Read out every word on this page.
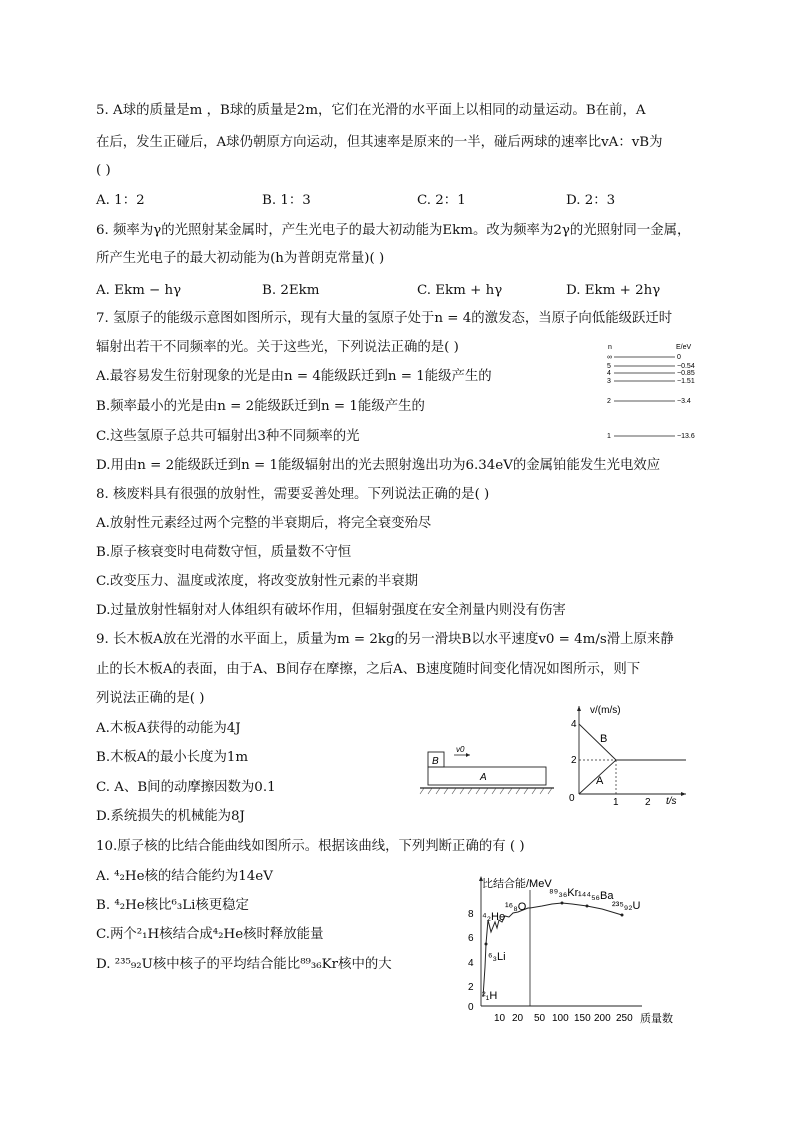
5. A球的质量是m ，B球的质量是2m，它们在光滑的水平面上以相同的动量运动。B在前，A
在后，发生正碰后，A球仍朝原方向运动，但其速率是原来的一半，碰后两球的速率比vA：vB为
( )
A. 1：2	B. 1：3	C. 2：1	D. 2：3
6. 频率为γ的光照射某金属时，产生光电子的最大初动能为Ekm。改为频率为2γ的光照射同一金属，
所产生光电子的最大初动能为(h为普朗克常量)( )
A. Ekm − hγ	B. 2Ekm	C. Ekm + hγ	D. Ekm + 2hγ
7. 氢原子的能级示意图如图所示，现有大量的氢原子处于n = 4的激发态，当原子向低能级跃迁时
辐射出若干不同频率的光。关于这些光，下列说法正确的是( )
A.最容易发生衍射现象的光是由n = 4能级跃迁到n = 1能级产生的
B.频率最小的光是由n = 2能级跃迁到n = 1能级产生的
C.这些氢原子总共可辐射出3种不同频率的光
D.用由n = 2能级跃迁到n = 1能级辐射出的光去照射逸出功为6.34eV的金属铂能发生光电效应
n	E/eV
∞	0
5	−0.54
4	−0.85
3	−1.51
2	−3.4
1	−13.6
8. 核废料具有很强的放射性，需要妥善处理。下列说法正确的是( )
A.放射性元素经过两个完整的半衰期后，将完全衰变殆尽
B.原子核衰变时电荷数守恒，质量数不守恒
C.改变压力、温度或浓度，将改变放射性元素的半衰期
D.过量放射性辐射对人体组织有破坏作用，但辐射强度在安全剂量内则没有伤害
9. 长木板A放在光滑的水平面上，质量为m = 2kg的另一滑块B以水平速度v0 = 4m/s滑上原来静
止的长木板A的表面，由于A、B间存在摩擦，之后A、B速度随时间变化情况如图所示，则下
列说法正确的是( )
A.木板A获得的动能为4J
B.木板A的最小长度为1m
C. A、B间的动摩擦因数为0.1
D.系统损失的机械能为8J
B
v0
A
v/(m/s)
t/s
4
2
0	1	2
B
A
10.原子核的比结合能曲线如图所示。根据该曲线，下列判断正确的有 ( )
A. ⁴₂He核的结合能约为14eV
B. ⁴₂He核比⁶₃Li核更稳定
C.两个²₁H核结合成⁴₂He核时释放能量
D. ²³⁵₉₂U核中核子的平均结合能比⁸⁹₃₆Kr核中的大
比结合能/MeV
质量数
8
6
4
2
0
10 20 50 100 150 200 250
⁴₂He
¹⁶₈O
⁸⁹₃₆Kr ¹⁴⁴₅₆Ba
²³⁵₉₂U
⁶₃Li
²₁H
